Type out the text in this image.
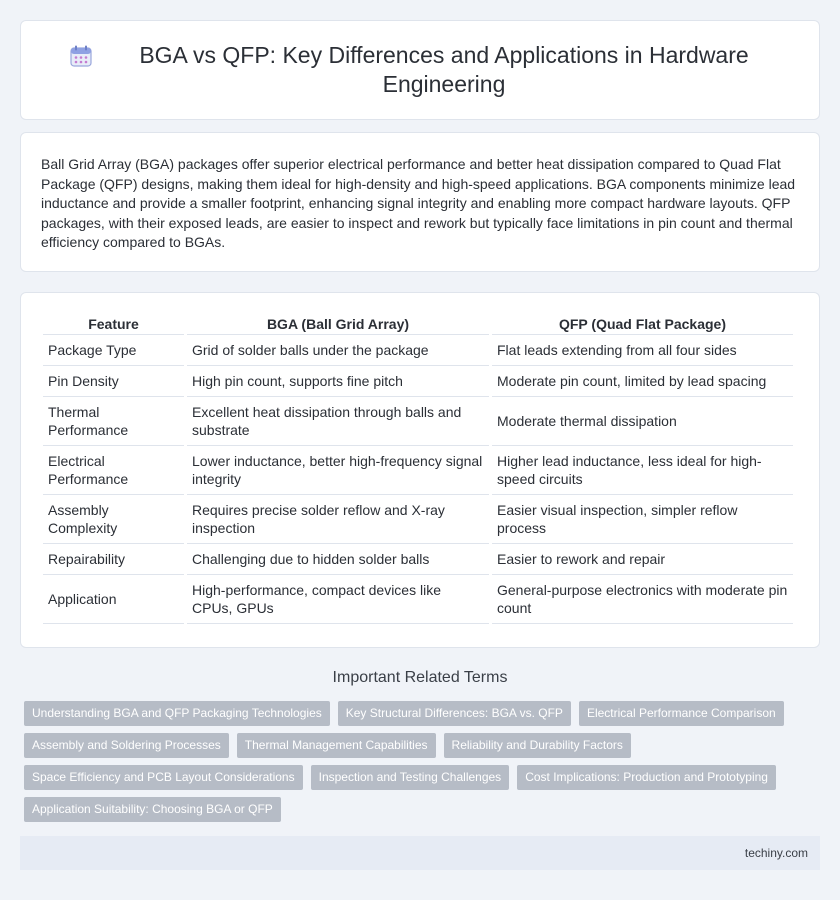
BGA vs QFP: Key Differences and Applications in Hardware Engineering

Ball Grid Array (BGA) packages offer superior electrical performance and better heat dissipation compared to Quad Flat Package (QFP) designs, making them ideal for high-density and high-speed applications. BGA components minimize lead inductance and provide a smaller footprint, enhancing signal integrity and enabling more compact hardware layouts. QFP packages, with their exposed leads, are easier to inspect and rework but typically face limitations in pin count and thermal efficiency compared to BGAs.

Feature	BGA (Ball Grid Array)	QFP (Quad Flat Package)
Package Type	Grid of solder balls under the package	Flat leads extending from all four sides
Pin Density	High pin count, supports fine pitch	Moderate pin count, limited by lead spacing
Thermal Performance	Excellent heat dissipation through balls and substrate	Moderate thermal dissipation
Electrical Performance	Lower inductance, better high-frequency signal integrity	Higher lead inductance, less ideal for high-speed circuits
Assembly Complexity	Requires precise solder reflow and X-ray inspection	Easier visual inspection, simpler reflow process
Repairability	Challenging due to hidden solder balls	Easier to rework and repair
Application	High-performance, compact devices like CPUs, GPUs	General-purpose electronics with moderate pin count
Important Related Terms
Understanding BGA and QFP Packaging Technologies	Key Structural Differences: BGA vs. QFP	Electrical Performance Comparison
Assembly and Soldering Processes	Thermal Management Capabilities	Reliability and Durability Factors
Space Efficiency and PCB Layout Considerations	Inspection and Testing Challenges	Cost Implications: Production and Prototyping
Application Suitability: Choosing BGA or QFP
techiny.com
